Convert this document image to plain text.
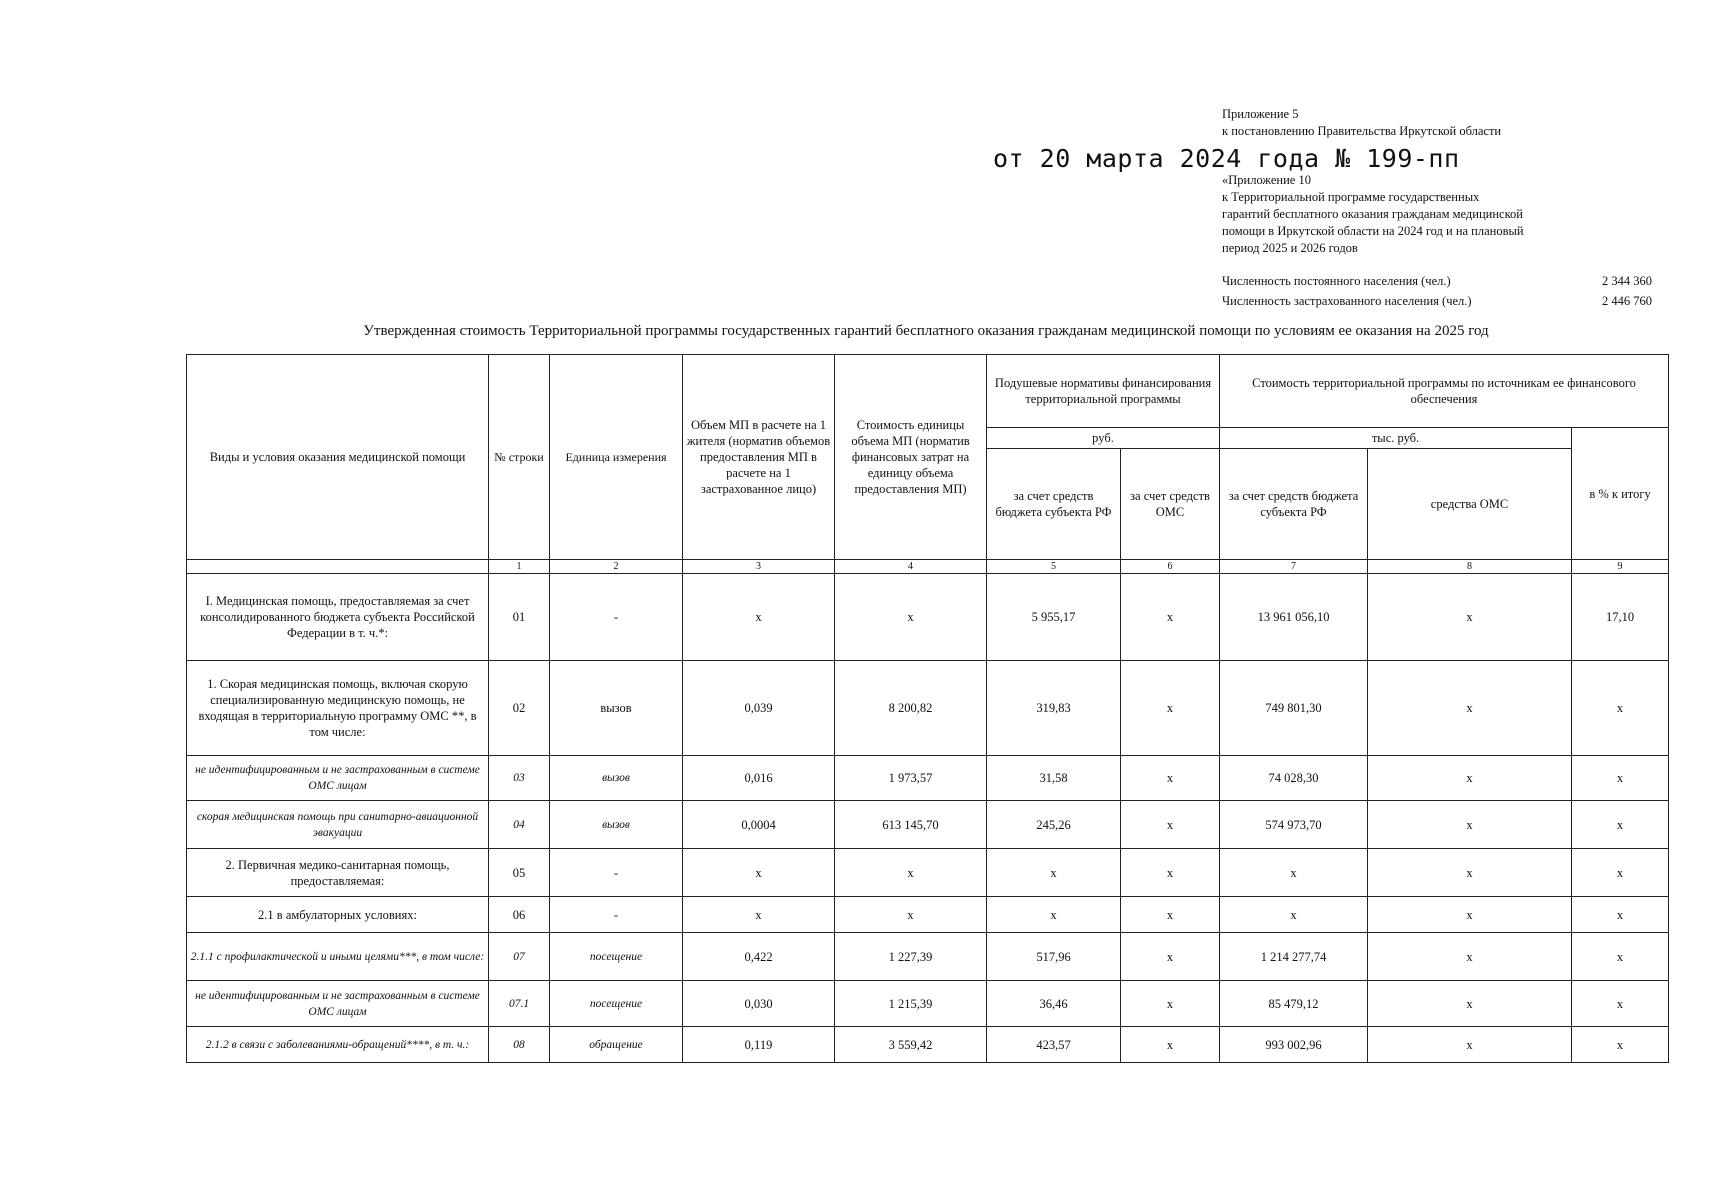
Приложение 5
к постановлению Правительства Иркутской области
от 20 марта 2024 года № 199-пп
«Приложение 10
к Территориальной программе государственных
гарантий бесплатного оказания гражданам медицинской
помощи в Иркутской области на 2024 год и на плановый
период 2025 и 2026 годов
Численность постоянного населения (чел.)	2 344 360
Численность застрахованного населения (чел.)	2 446 760
Утвержденная стоимость Территориальной программы государственных гарантий бесплатного оказания гражданам медицинской помощи по условиям ее оказания на 2025 год
Виды и условия оказания медицинской помощи	№ строки	Единица измерения	Объем МП в расчете на 1 жителя (норматив объемов предоставления МП в расчете на 1 застрахованное лицо)	Стоимость единицы объема МП (норматив финансовых затрат на единицу объема предоставления МП)	Подушевые нормативы финансирования территориальной программы		Стоимость территориальной программы по источникам ее финансового обеспечения		
					руб.		тыс. руб.		в % к итогу
					за счет средств бюджета субъекта РФ	за счет средств ОМС	за счет средств бюджета субъекта РФ	средства ОМС	
	1	2	3	4	5	6	7	8	9
I. Медицинская помощь, предоставляемая за счет консолидированного бюджета субъекта Российской Федерации в т. ч.*:	01	-	х	х	5 955,17	х	13 961 056,10	х	17,10
1. Скорая медицинская помощь, включая скорую специализированную медицинскую помощь, не входящая в территориальную программу ОМС **, в том числе:	02	вызов	0,039	8 200,82	319,83	х	749 801,30	х	х
не идентифицированным и не застрахованным в системе ОМС лицам	03	вызов	0,016	1 973,57	31,58	х	74 028,30	х	х
скорая медицинская помощь при санитарно-авиационной эвакуации	04	вызов	0,0004	613 145,70	245,26	х	574 973,70	х	х
2. Первичная медико-санитарная помощь, предоставляемая:	05	-	х	х	х	х	х	х	х
2.1 в амбулаторных условиях:	06	-	х	х	х	х	х	х	х
2.1.1 с профилактической и иными целями***, в том числе:	07	посещение	0,422	1 227,39	517,96	х	1 214 277,74	х	х
не идентифицированным и не застрахованным в системе ОМС лицам	07.1	посещение	0,030	1 215,39	36,46	х	85 479,12	х	х
2.1.2 в связи с заболеваниями-обращений****, в т. ч.:	08	обращение	0,119	3 559,42	423,57	х	993 002,96	х	х
